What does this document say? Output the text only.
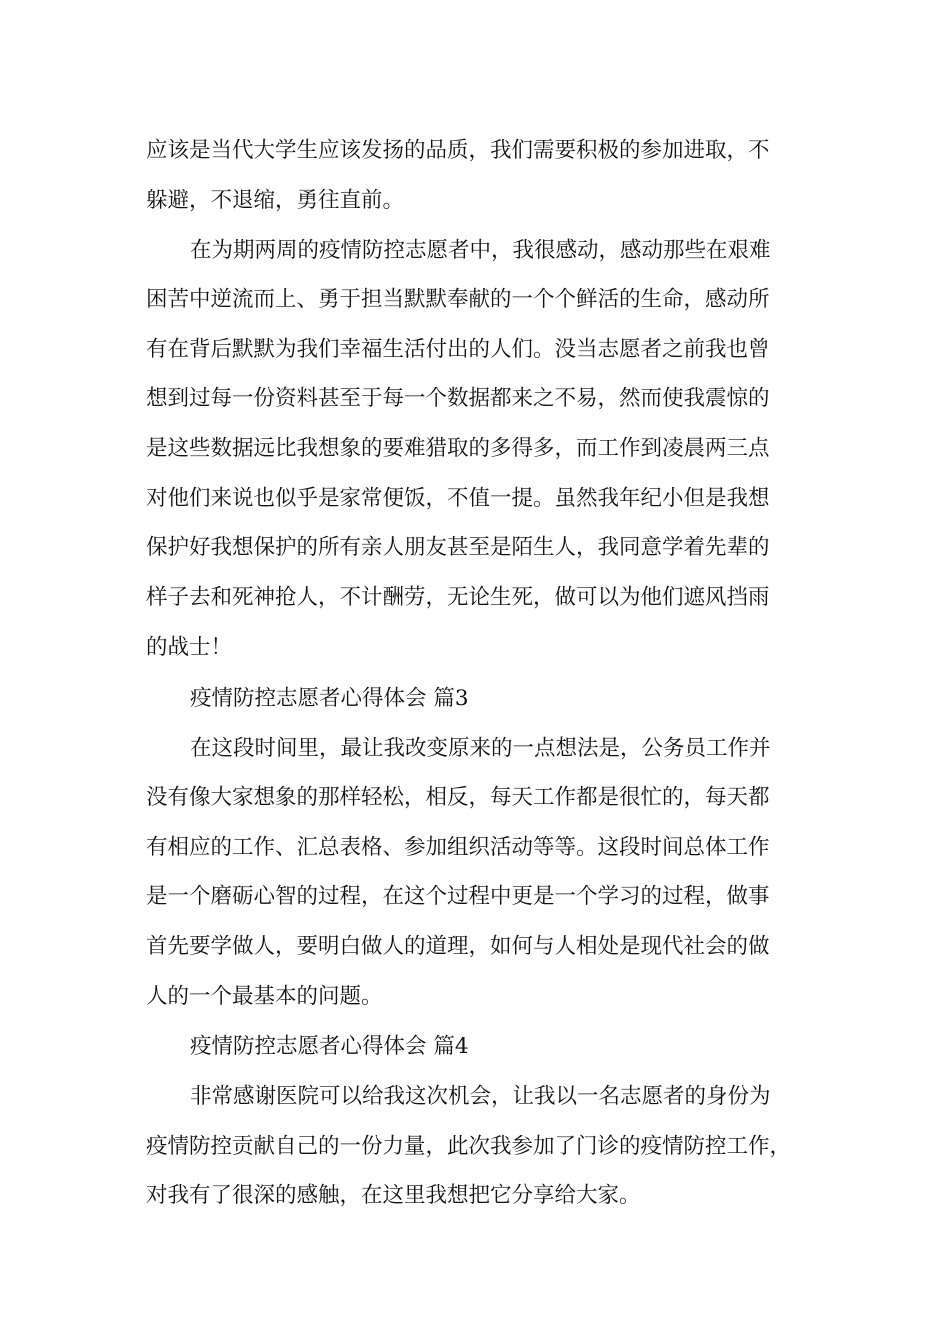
应该是当代大学生应该发扬的品质，我们需要积极的参加进取，不

躲避，不退缩，勇往直前。

在为期两周的疫情防控志愿者中，我很感动，感动那些在艰难

困苦中逆流而上、勇于担当默默奉献的一个个鲜活的生命，感动所

有在背后默默为我们幸福生活付出的人们。没当志愿者之前我也曾

想到过每一份资料甚至于每一个数据都来之不易，然而使我震惊的

是这些数据远比我想象的要难猎取的多得多，而工作到凌晨两三点

对他们来说也似乎是家常便饭，不值一提。虽然我年纪小但是我想

保护好我想保护的所有亲人朋友甚至是陌生人，我同意学着先辈的

样子去和死神抢人，不计酬劳，无论生死，做可以为他们遮风挡雨

的战士！

疫情防控志愿者心得体会 篇3

在这段时间里，最让我改变原来的一点想法是，公务员工作并

没有像大家想象的那样轻松，相反，每天工作都是很忙的，每天都

有相应的工作、汇总表格、参加组织活动等等。这段时间总体工作

是一个磨砺心智的过程，在这个过程中更是一个学习的过程，做事

首先要学做人，要明白做人的道理，如何与人相处是现代社会的做

人的一个最基本的问题。

疫情防控志愿者心得体会 篇4

非常感谢医院可以给我这次机会，让我以一名志愿者的身份为

疫情防控贡献自己的一份力量，此次我参加了门诊的疫情防控工作，

对我有了很深的感触，在这里我想把它分享给大家。
